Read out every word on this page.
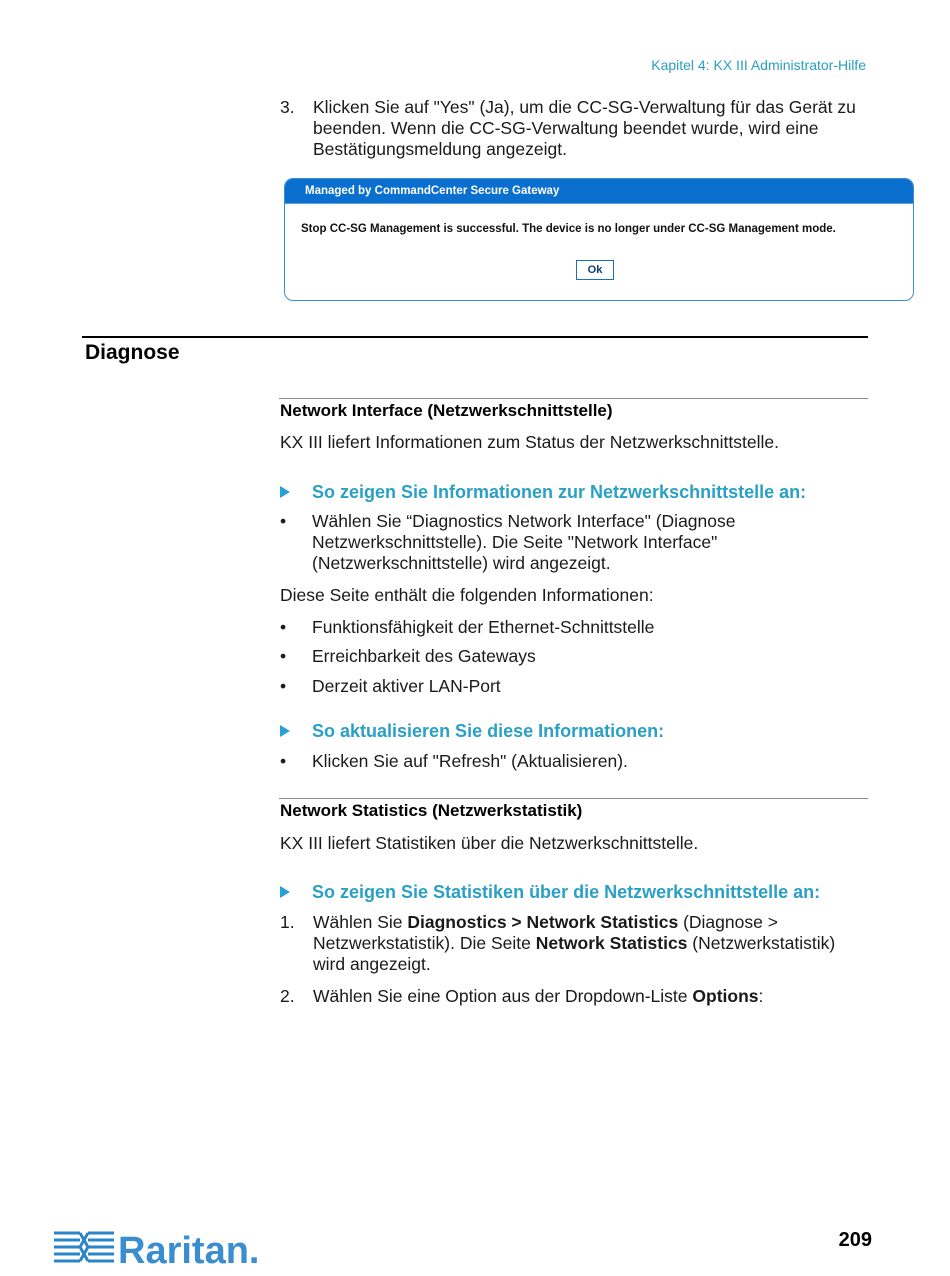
Kapitel 4: KX III Administrator-Hilfe
3. Klicken Sie auf "Yes" (Ja), um die CC-SG-Verwaltung für das Gerät zu beenden. Wenn die CC-SG-Verwaltung beendet wurde, wird eine Bestätigungsmeldung angezeigt.
Managed by CommandCenter Secure Gateway
Stop CC-SG Management is successful. The device is no longer under CC-SG Management mode.
Ok
Diagnose
Network Interface (Netzwerkschnittstelle)
KX III liefert Informationen zum Status der Netzwerkschnittstelle.
So zeigen Sie Informationen zur Netzwerkschnittstelle an:
• Wählen Sie “Diagnostics Network Interface" (Diagnose Netzwerkschnittstelle). Die Seite "Network Interface" (Netzwerkschnittstelle) wird angezeigt.
Diese Seite enthält die folgenden Informationen:
• Funktionsfähigkeit der Ethernet-Schnittstelle
• Erreichbarkeit des Gateways
• Derzeit aktiver LAN-Port
So aktualisieren Sie diese Informationen:
• Klicken Sie auf "Refresh" (Aktualisieren).
Network Statistics (Netzwerkstatistik)
KX III liefert Statistiken über die Netzwerkschnittstelle.
So zeigen Sie Statistiken über die Netzwerkschnittstelle an:
1. Wählen Sie Diagnostics > Network Statistics (Diagnose > Netzwerkstatistik). Die Seite Network Statistics (Netzwerkstatistik) wird angezeigt.
2. Wählen Sie eine Option aus der Dropdown-Liste Options:
Raritan.	209
